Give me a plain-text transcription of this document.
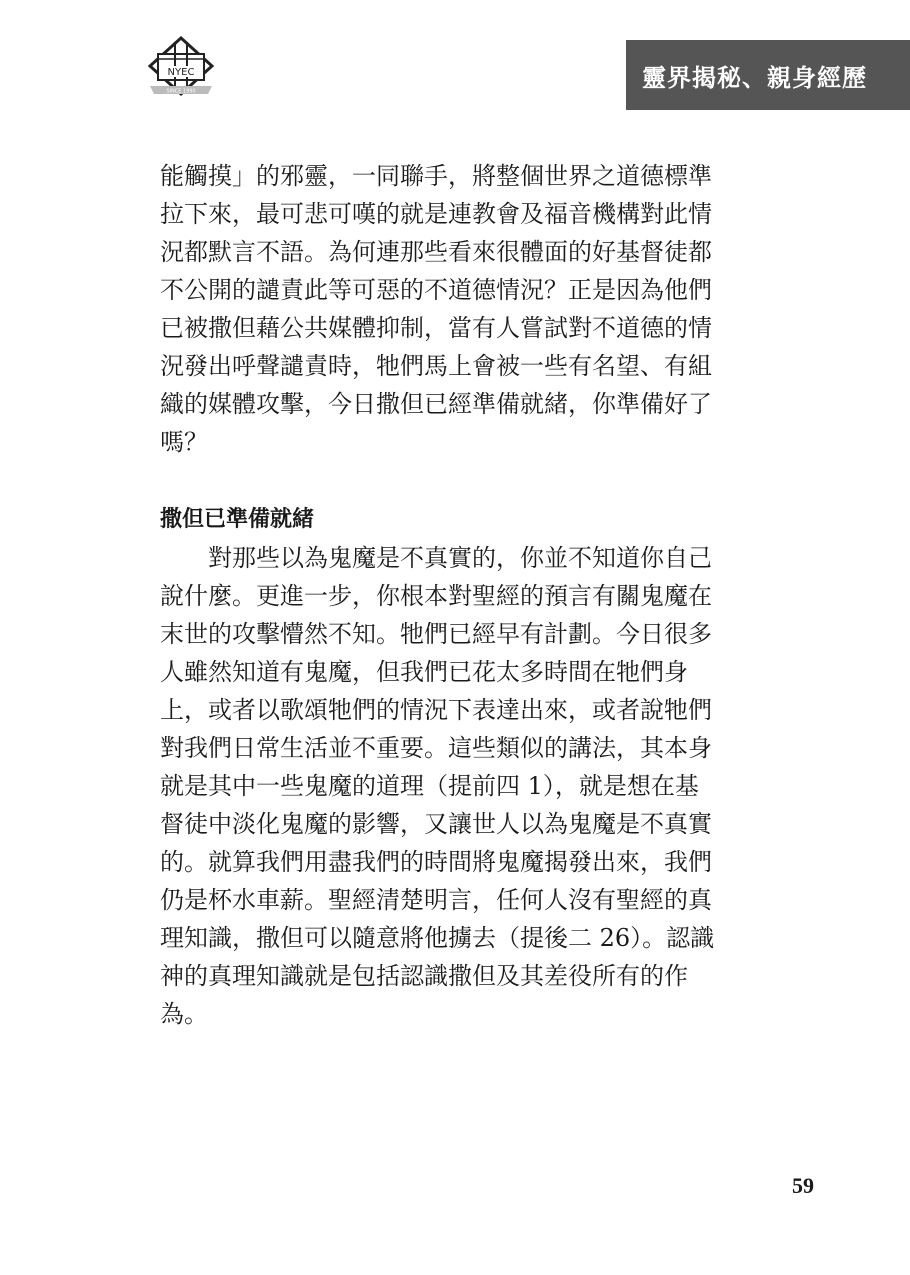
NYEC
SINCE 1990	靈界揭秘、親身經歷
能觸摸」的邪靈，一同聯手，將整個世界之道德標準
拉下來，最可悲可嘆的就是連教會及福音機構對此情
況都默言不語。為何連那些看來很體面的好基督徒都
不公開的譴責此等可惡的不道德情況？正是因為他們
已被撒但藉公共媒體抑制，當有人嘗試對不道德的情
況發出呼聲譴責時，牠們馬上會被一些有名望、有組
織的媒體攻擊，今日撒但已經準備就緒，你準備好了
嗎？
撒但已準備就緒
對那些以為鬼魔是不真實的，你並不知道你自己
說什麼。更進一步，你根本對聖經的預言有關鬼魔在
末世的攻擊懵然不知。牠們已經早有計劃。今日很多
人雖然知道有鬼魔，但我們已花太多時間在牠們身
上，或者以歌頌牠們的情況下表達出來，或者說牠們
對我們日常生活並不重要。這些類似的講法，其本身
就是其中一些鬼魔的道理（提前四 1），就是想在基
督徒中淡化鬼魔的影響，又讓世人以為鬼魔是不真實
的。就算我們用盡我們的時間將鬼魔揭發出來，我們
仍是杯水車薪。聖經清楚明言，任何人沒有聖經的真
理知識，撒但可以隨意將他擄去（提後二 26）。認識
神的真理知識就是包括認識撒但及其差役所有的作
為。
59
